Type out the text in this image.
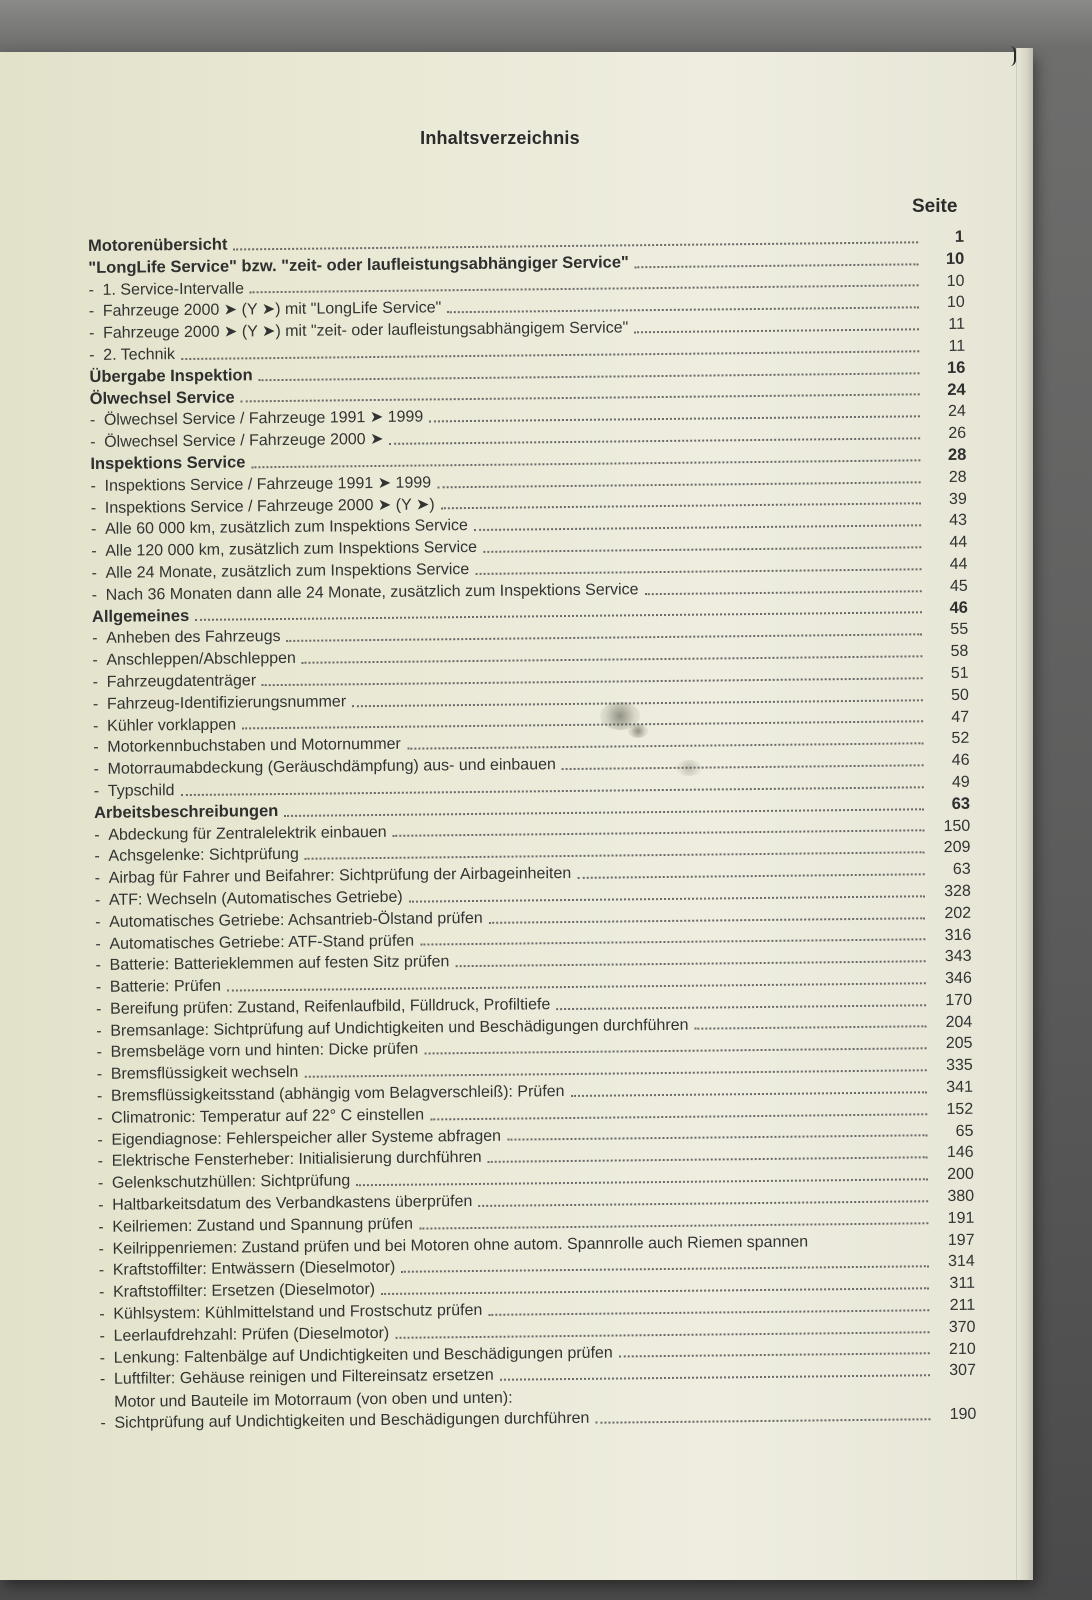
Inhaltsverzeichnis
Seite
Motorenübersicht	1
"LongLife Service" bzw. "zeit- oder laufleistungsabhängiger Service"	10
- 1. Service-Intervalle	10
- Fahrzeuge 2000 ➤ (Y ➤) mit "LongLife Service"	10
- Fahrzeuge 2000 ➤ (Y ➤) mit "zeit- oder laufleistungsabhängigem Service"	11
- 2. Technik	11
Übergabe Inspektion	16
Ölwechsel Service	24
- Ölwechsel Service / Fahrzeuge 1991 ➤ 1999	24
- Ölwechsel Service / Fahrzeuge 2000 ➤	26
Inspektions Service	28
- Inspektions Service / Fahrzeuge 1991 ➤ 1999	28
- Inspektions Service / Fahrzeuge 2000 ➤ (Y ➤)	39
- Alle 60 000 km, zusätzlich zum Inspektions Service	43
- Alle 120 000 km, zusätzlich zum Inspektions Service	44
- Alle 24 Monate, zusätzlich zum Inspektions Service	44
- Nach 36 Monaten dann alle 24 Monate, zusätzlich zum Inspektions Service	45
Allgemeines	46
- Anheben des Fahrzeugs	55
- Anschleppen/Abschleppen	58
- Fahrzeugdatenträger	51
- Fahrzeug-Identifizierungsnummer	50
- Kühler vorklappen	47
- Motorkennbuchstaben und Motornummer	52
- Motorraumabdeckung (Geräuschdämpfung) aus- und einbauen	46
- Typschild	49
Arbeitsbeschreibungen	63
- Abdeckung für Zentralelektrik einbauen	150
- Achsgelenke: Sichtprüfung	209
- Airbag für Fahrer und Beifahrer: Sichtprüfung der Airbageinheiten	63
- ATF: Wechseln (Automatisches Getriebe)	328
- Automatisches Getriebe: Achsantrieb-Ölstand prüfen	202
- Automatisches Getriebe: ATF-Stand prüfen	316
- Batterie: Batterieklemmen auf festen Sitz prüfen	343
- Batterie: Prüfen	346
- Bereifung prüfen: Zustand, Reifenlaufbild, Fülldruck, Profiltiefe	170
- Bremsanlage: Sichtprüfung auf Undichtigkeiten und Beschädigungen durchführen	204
- Bremsbeläge vorn und hinten: Dicke prüfen	205
- Bremsflüssigkeit wechseln	335
- Bremsflüssigkeitsstand (abhängig vom Belagverschleiß): Prüfen	341
- Climatronic: Temperatur auf 22° C einstellen	152
- Eigendiagnose: Fehlerspeicher aller Systeme abfragen	65
- Elektrische Fensterheber: Initialisierung durchführen	146
- Gelenkschutzhüllen: Sichtprüfung	200
- Haltbarkeitsdatum des Verbandkastens überprüfen	380
- Keilriemen: Zustand und Spannung prüfen	191
- Keilrippenriemen: Zustand prüfen und bei Motoren ohne autom. Spannrolle auch Riemen spannen	197
- Kraftstoffilter: Entwässern (Dieselmotor)	314
- Kraftstoffilter: Ersetzen (Dieselmotor)	311
- Kühlsystem: Kühlmittelstand und Frostschutz prüfen	211
- Leerlaufdrehzahl: Prüfen (Dieselmotor)	370
- Lenkung: Faltenbälge auf Undichtigkeiten und Beschädigungen prüfen	210
- Luftfilter: Gehäuse reinigen und Filtereinsatz ersetzen	307
-Motor und Bauteile im Motorraum (von oben und unten):
Sichtprüfung auf Undichtigkeiten und Beschädigungen durchführen	190
